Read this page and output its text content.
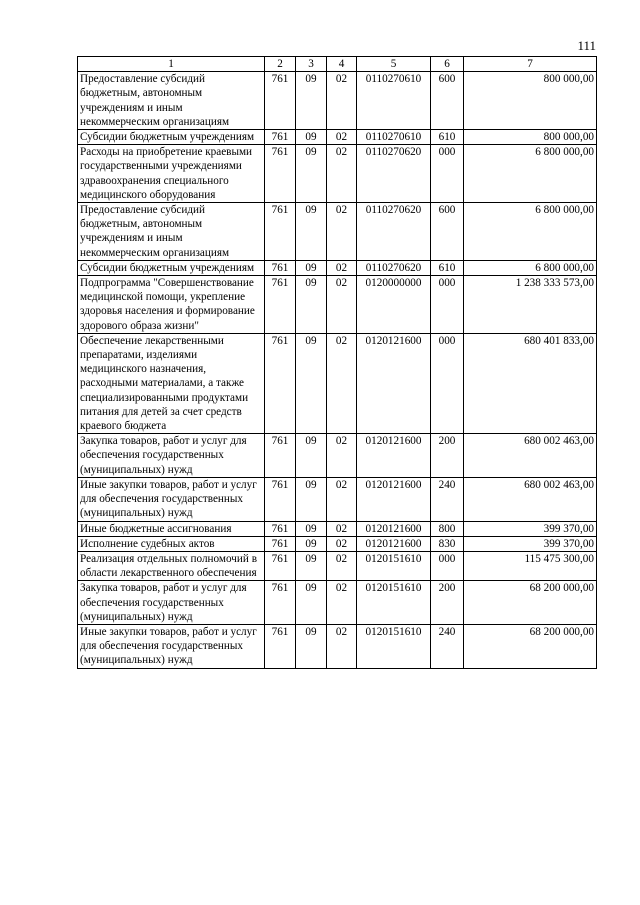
111
1	2	3	4	5	6	7
Предоставление субсидий бюджетным, автономным учреждениям и иным некоммерческим организациям	761	09	02	0110270610	600	800 000,00
Субсидии бюджетным учреждениям	761	09	02	0110270610	610	800 000,00
Расходы на приобретение краевыми государственными учреждениями здравоохранения специального медицинского оборудования	761	09	02	0110270620	000	6 800 000,00
Предоставление субсидий бюджетным, автономным учреждениям и иным некоммерческим организациям	761	09	02	0110270620	600	6 800 000,00
Субсидии бюджетным учреждениям	761	09	02	0110270620	610	6 800 000,00
Подпрограмма "Совершенствование медицинской помощи, укрепление здоровья населения и формирование здорового образа жизни"	761	09	02	0120000000	000	1 238 333 573,00
Обеспечение лекарственными препаратами, изделиями медицинского назначения, расходными материалами, а также специализированными продуктами питания для детей за счет средств краевого бюджета	761	09	02	0120121600	000	680 401 833,00
Закупка товаров, работ и услуг для обеспечения государственных (муниципальных) нужд	761	09	02	0120121600	200	680 002 463,00
Иные закупки товаров, работ и услуг для обеспечения государственных (муниципальных) нужд	761	09	02	0120121600	240	680 002 463,00
Иные бюджетные ассигнования	761	09	02	0120121600	800	399 370,00
Исполнение судебных актов	761	09	02	0120121600	830	399 370,00
Реализация отдельных полномочий в области лекарственного обеспечения	761	09	02	0120151610	000	115 475 300,00
Закупка товаров, работ и услуг для обеспечения государственных (муниципальных) нужд	761	09	02	0120151610	200	68 200 000,00
Иные закупки товаров, работ и услуг для обеспечения государственных (муниципальных) нужд	761	09	02	0120151610	240	68 200 000,00
